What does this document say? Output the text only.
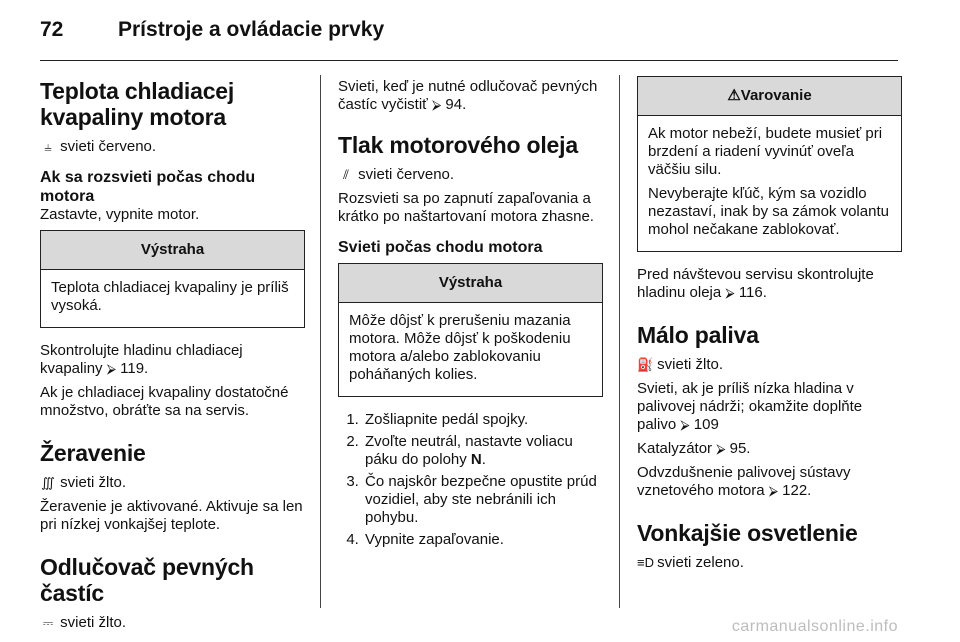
72	Prístroje a ovládacie prvky
Teplota chladiacej kvapaliny motora

⫨ svieti červeno.

Ak sa rozsvieti počas chodu motora

Zastavte, vypnite motor.

Výstraha

Teplota chladiacej kvapaliny je príliš vysoká.

Skontrolujte hladinu chladiacej kvapaliny ⮚ 119.

Ak je chladiacej kvapaliny dostatočné množstvo, obráťte sa na servis.

Žeravenie

∭ svieti žlto.

Žeravenie je aktivované. Aktivuje sa len pri nízkej vonkajšej teplote.

Odlučovač pevných častíc

⎓ svieti žlto.

Svieti, keď je nutné odlučovač pevných častíc vyčistiť ⮚ 94.

Tlak motorového oleja

⫽ svieti červeno.

Rozsvieti sa po zapnutí zapaľovania a krátko po naštartovaní motora zhasne.

Svieti počas chodu motora
Výstraha

Môže dôjsť k prerušeniu mazania motora. Môže dôjsť k poškodeniu motora a/alebo zablokovaniu poháňaných kolies.

1. Zošliapnite pedál spojky.
2. Zvoľte neutrál, nastavte voliacu páku do polohy N.
3. Čo najskôr bezpečne opustite prúd vozidiel, aby ste nebránili ich pohybu.
4. Vypnite zapaľovanie.
⚠Varovanie

Ak motor nebeží, budete musieť pri brzdení a riadení vyvinúť oveľa väčšiu silu.

Nevyberajte kľúč, kým sa vozidlo nezastaví, inak by sa zámok volantu mohol nečakane zablokovať.

Pred návštevou servisu skontrolujte hladinu oleja ⮚ 116.

Málo paliva

⛽ svieti žlto.

Svieti, ak je príliš nízka hladina v palivovej nádrži; okamžite doplňte palivo ⮚ 109

Katalyzátor ⮚ 95.

Odvzdušnenie palivovej sústavy vznetového motora ⮚ 122.

Vonkajšie osvetlenie

≡D svieti zeleno.

carmanualsonline.info
